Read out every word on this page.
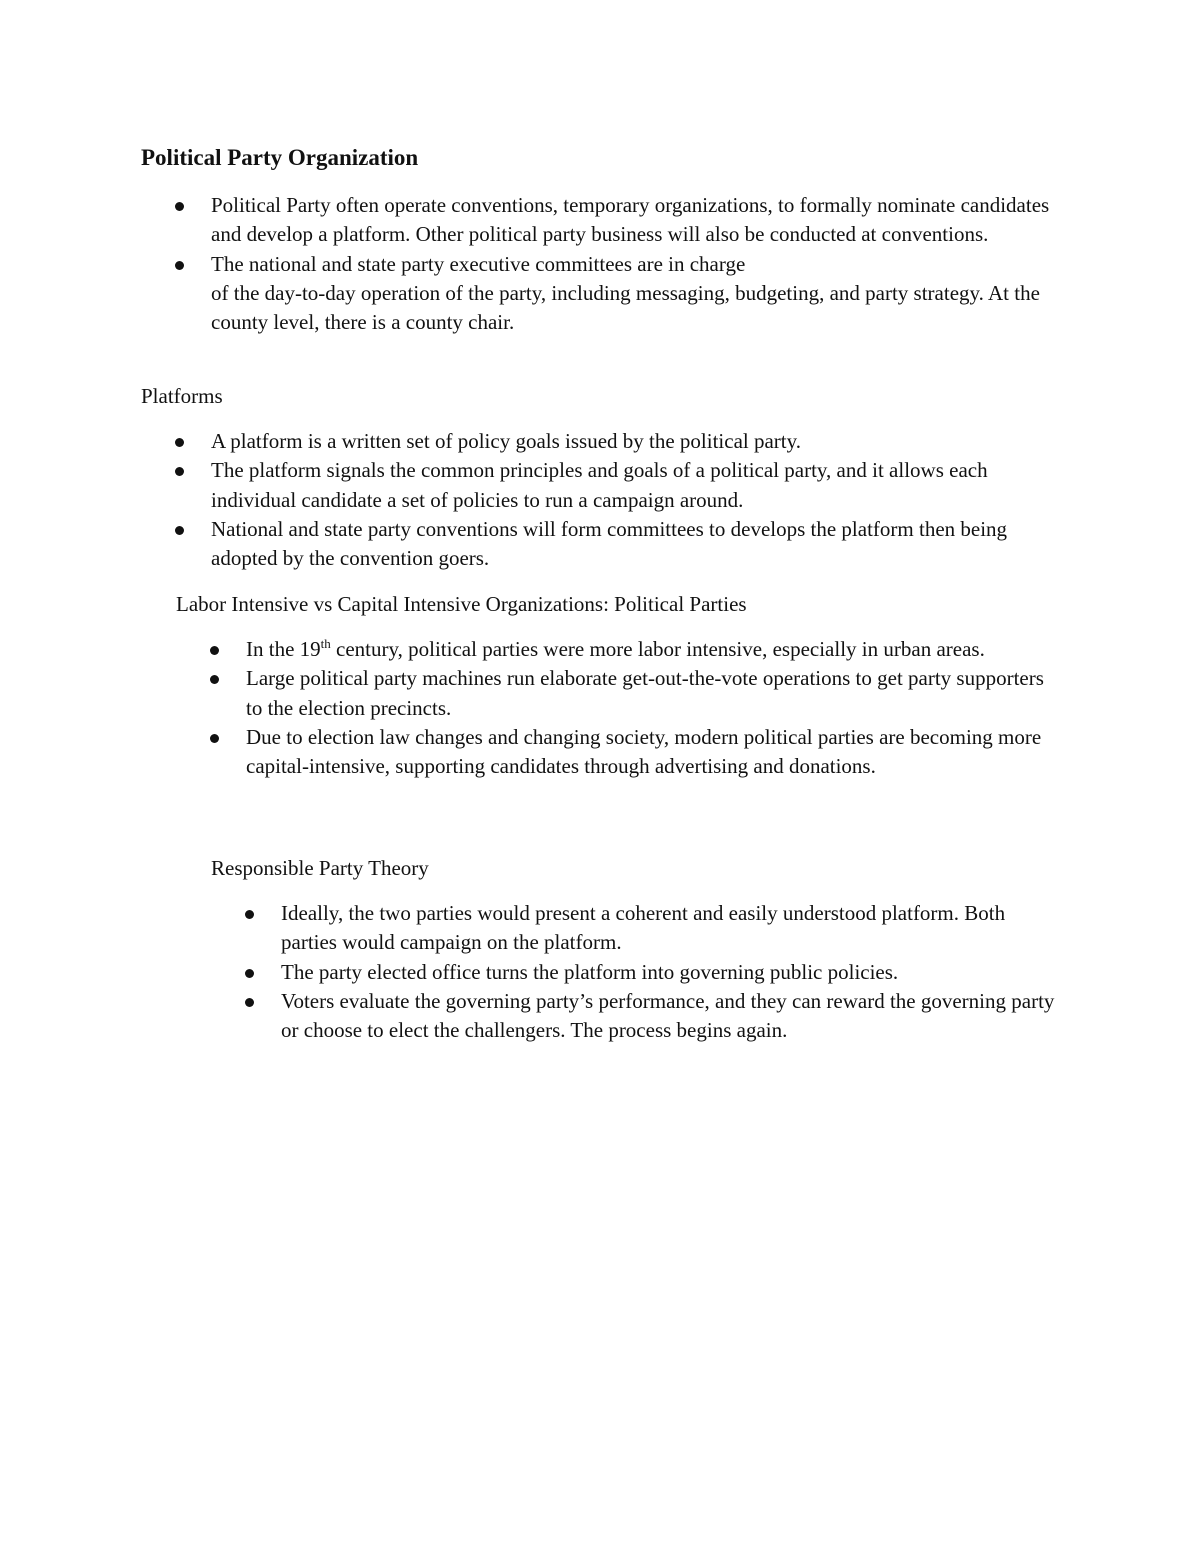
Political Party Organization
Political Party often operate conventions, temporary organizations, to formally nominate candidates and develop a platform. Other political party business will also be conducted at conventions.
The national and state party executive committees are in charge
of the day-to-day operation of the party, including messaging, budgeting, and party strategy. At the county level, there is a county chair.
Platforms
A platform is a written set of policy goals issued by the political party.
The platform signals the common principles and goals of a political party, and it allows each individual candidate a set of policies to run a campaign around.
National and state party conventions will form committees to develops the platform then being adopted by the convention goers.
Labor Intensive vs Capital Intensive Organizations: Political Parties
In the 19th century, political parties were more labor intensive, especially in urban areas.
Large political party machines run elaborate get-out-the-vote operations to get party supporters to the election precincts.
Due to election law changes and changing society, modern political parties are becoming more capital-intensive, supporting candidates through advertising and donations.
Responsible Party Theory
Ideally, the two parties would present a coherent and easily understood platform. Both parties would campaign on the platform.
The party elected office turns the platform into governing public policies.
Voters evaluate the governing party’s performance, and they can reward the governing party or choose to elect the challengers. The process begins again.
